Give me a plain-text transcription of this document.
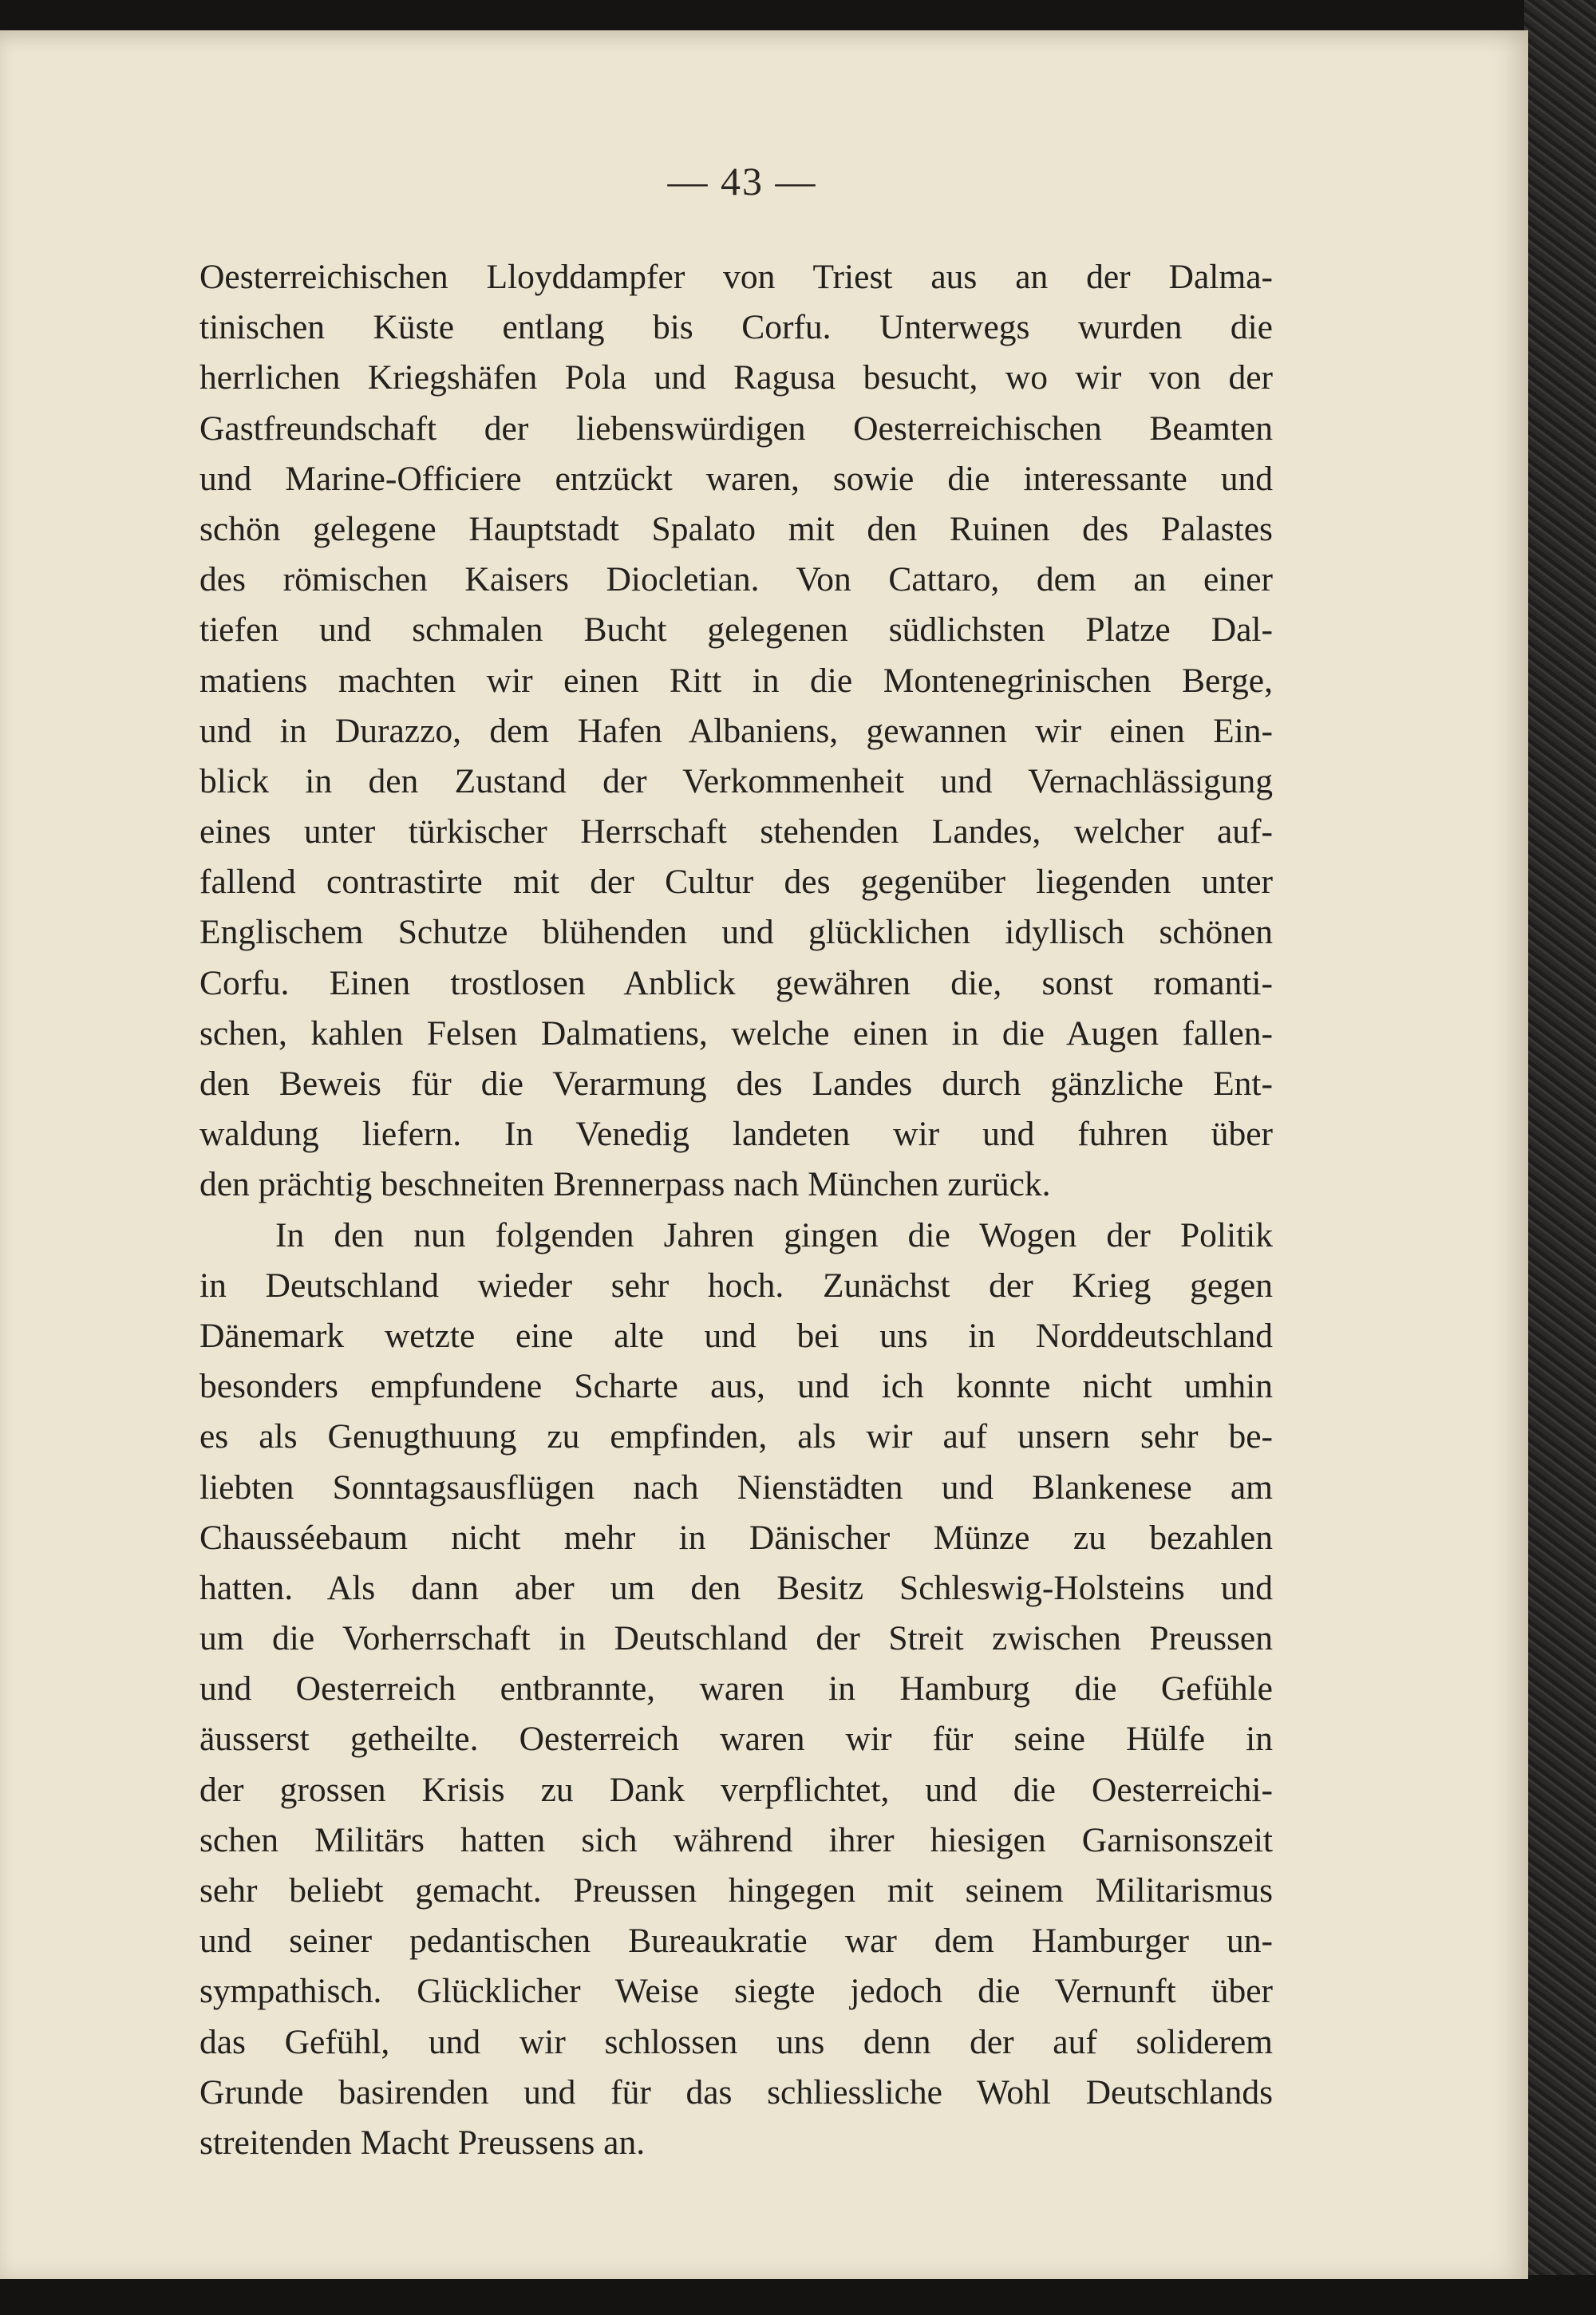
— 43 —
Oesterreichischen Lloyddampfer von Triest aus an der Dalma-
tinischen Küste entlang bis Corfu. Unterwegs wurden die
herrlichen Kriegshäfen Pola und Ragusa besucht, wo wir von der
Gastfreundschaft der liebenswürdigen Oesterreichischen Beamten
und Marine-Officiere entzückt waren, sowie die interessante und
schön gelegene Hauptstadt Spalato mit den Ruinen des Palastes
des römischen Kaisers Diocletian. Von Cattaro, dem an einer
tiefen und schmalen Bucht gelegenen südlichsten Platze Dal-
matiens machten wir einen Ritt in die Montenegrinischen Berge,
und in Durazzo, dem Hafen Albaniens, gewannen wir einen Ein-
blick in den Zustand der Verkommenheit und Vernachlässigung
eines unter türkischer Herrschaft stehenden Landes, welcher auf-
fallend contrastirte mit der Cultur des gegenüber liegenden unter
Englischem Schutze blühenden und glücklichen idyllisch schönen
Corfu. Einen trostlosen Anblick gewähren die, sonst romanti-
schen, kahlen Felsen Dalmatiens, welche einen in die Augen fallen-
den Beweis für die Verarmung des Landes durch gänzliche Ent-
waldung liefern. In Venedig landeten wir und fuhren über
den prächtig beschneiten Brennerpass nach München zurück.
In den nun folgenden Jahren gingen die Wogen der Politik
in Deutschland wieder sehr hoch. Zunächst der Krieg gegen
Dänemark wetzte eine alte und bei uns in Norddeutschland
besonders empfundene Scharte aus, und ich konnte nicht umhin
es als Genugthuung zu empfinden, als wir auf unsern sehr be-
liebten Sonntagsausflügen nach Nienstädten und Blankenese am
Chausséebaum nicht mehr in Dänischer Münze zu bezahlen
hatten. Als dann aber um den Besitz Schleswig-Holsteins und
um die Vorherrschaft in Deutschland der Streit zwischen Preussen
und Oesterreich entbrannte, waren in Hamburg die Gefühle
äusserst getheilte. Oesterreich waren wir für seine Hülfe in
der grossen Krisis zu Dank verpflichtet, und die Oesterreichi-
schen Militärs hatten sich während ihrer hiesigen Garnisonszeit
sehr beliebt gemacht. Preussen hingegen mit seinem Militarismus
und seiner pedantischen Bureaukratie war dem Hamburger un-
sympathisch. Glücklicher Weise siegte jedoch die Vernunft über
das Gefühl, und wir schlossen uns denn der auf soliderem
Grunde basirenden und für das schliessliche Wohl Deutschlands
streitenden Macht Preussens an.
